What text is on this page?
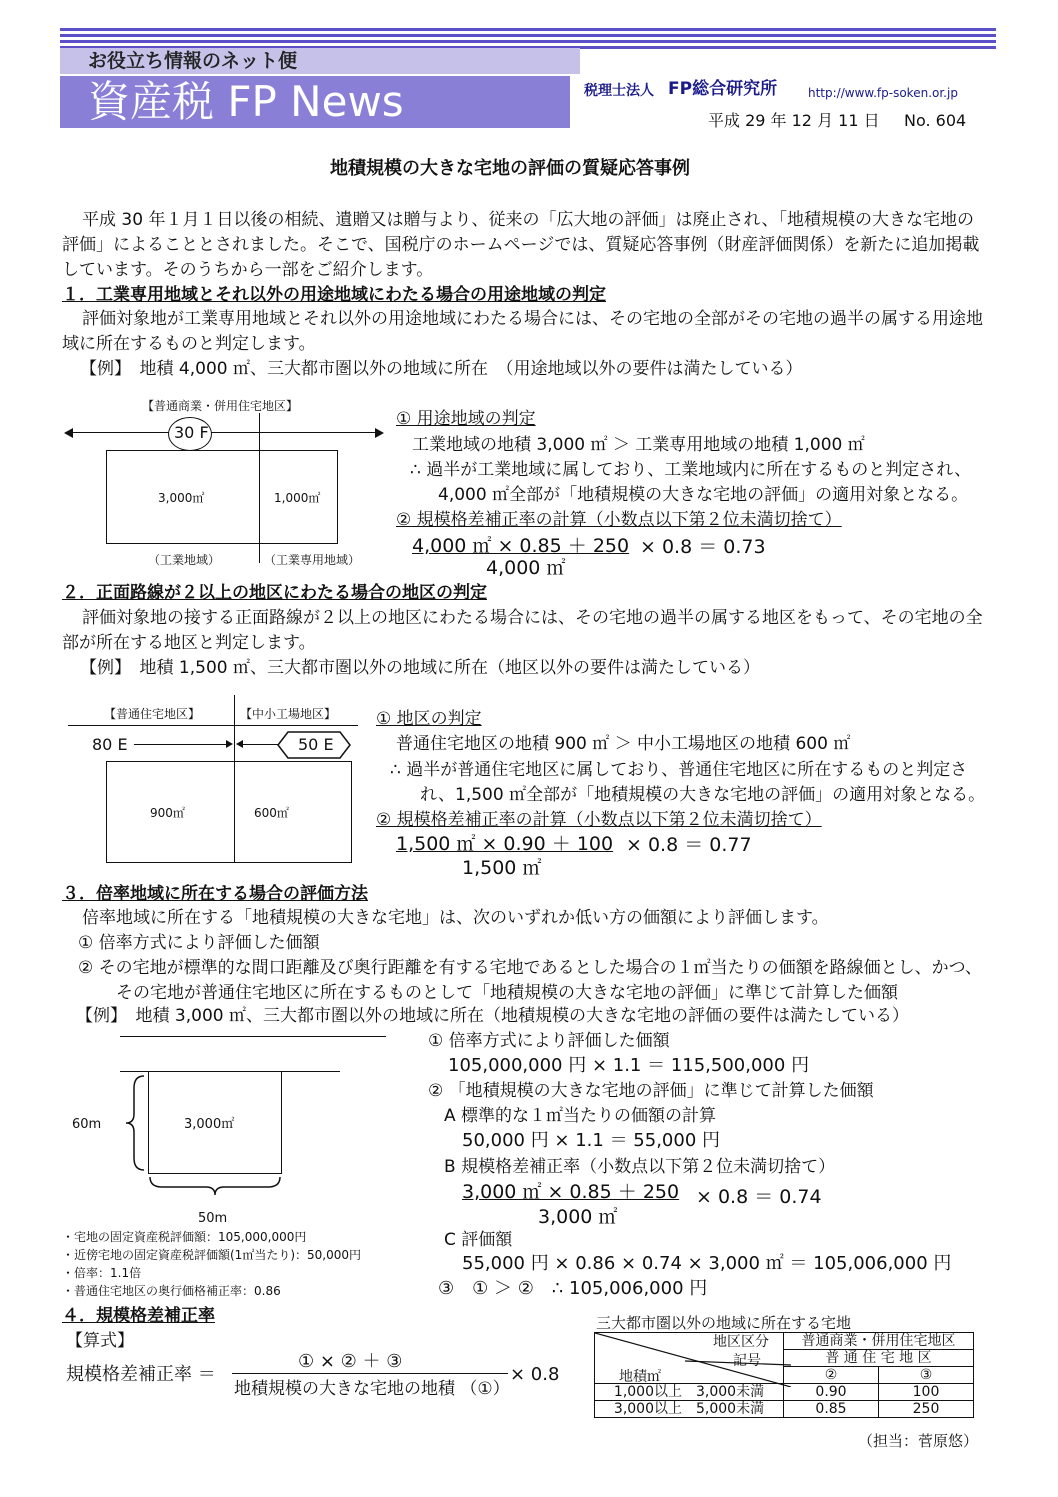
お役立ち情報のネット便
資産税 FP News	税理士法人 FP総合研究所	http://www.fp-soken.or.jp
平成 29 年 12 月 11 日 No. 604
地積規模の大きな宅地の評価の質疑応答事例
平成 30 年１月１日以後の相続、遺贈又は贈与より、従来の「広大地の評価」は廃止され、「地積規模の大きな宅地の
評価」によることとされました。そこで、国税庁のホームページでは、質疑応答事例（財産評価関係）を新たに追加掲載
しています。そのうちから一部をご紹介します。
１．工業専用地域とそれ以外の用途地域にわたる場合の用途地域の判定
評価対象地が工業専用地域とそれ以外の用途地域にわたる場合には、その宅地の全部がその宅地の過半の属する用途地
域に所在するものと判定します。
【例】　地積 4,000 ㎡、三大都市圏以外の地域に所在　（用途地域以外の要件は満たしている）
【普通商業・併用住宅地区】
30 F
3,000㎡	1,000㎡
（工業地域）	（工業専用地域）
① 用途地域の判定
工業地域の地積 3,000 ㎡ ＞ 工業専用地域の地積 1,000 ㎡
∴ 過半が工業地域に属しており、工業地域内に所在するものと判定され、
4,000 ㎡全部が「地積規模の大きな宅地の評価」の適用対象となる。
② 規模格差補正率の計算（小数点以下第２位未満切捨て）
4,000 ㎡ × 0.85 ＋ 250 × 0.8 ＝ 0.73
4,000 ㎡
２．正面路線が２以上の地区にわたる場合の地区の判定
評価対象地の接する正面路線が２以上の地区にわたる場合には、その宅地の過半の属する地区をもって、その宅地の全
部が所在する地区と判定します。
【例】　地積 1,500 ㎡、三大都市圏以外の地域に所在（地区以外の要件は満たしている）
【普通住宅地区】	【中小工場地区】
80 E	50 E
900㎡	600㎡
① 地区の判定
普通住宅地区の地積 900 ㎡ ＞ 中小工場地区の地積 600 ㎡
∴ 過半が普通住宅地区に属しており、普通住宅地区に所在するものと判定さ
れ、1,500 ㎡全部が「地積規模の大きな宅地の評価」の適用対象となる。
② 規模格差補正率の計算（小数点以下第２位未満切捨て）
1,500 ㎡ × 0.90 ＋ 100 × 0.8 ＝ 0.77
1,500 ㎡
３．倍率地域に所在する場合の評価方法
倍率地域に所在する「地積規模の大きな宅地」は、次のいずれか低い方の価額により評価します。
① 倍率方式により評価した価額
② その宅地が標準的な間口距離及び奥行距離を有する宅地であるとした場合の１㎡当たりの価額を路線価とし、かつ、
その宅地が普通住宅地区に所在するものとして「地積規模の大きな宅地の評価」に準じて計算した価額
【例】　地積 3,000 ㎡、三大都市圏以外の地域に所在（地積規模の大きな宅地の評価の要件は満たしている）
3,000㎡
60m
50m
・宅地の固定資産税評価額：105,000,000円
・近傍宅地の固定資産税評価額(1㎡当たり)：50,000円
・倍率：1.1倍
・普通住宅地区の奥行価格補正率：0.86
① 倍率方式により評価した価額
105,000,000 円 × 1.1 ＝ 115,500,000 円
② 「地積規模の大きな宅地の評価」に準じて計算した価額
A 標準的な１㎡当たりの価額の計算
50,000 円 × 1.1 ＝ 55,000 円
B 規模格差補正率（小数点以下第２位未満切捨て）
3,000 ㎡ × 0.85 ＋ 250 × 0.8 ＝ 0.74
3,000 ㎡
C 評価額
55,000 円 × 0.86 × 0.74 × 3,000 ㎡ ＝ 105,006,000 円
③　① ＞ ②　∴ 105,006,000 円
４．規模格差補正率
【算式】
規模格差補正率 ＝
① × ② ＋ ③
地積規模の大きな宅地の地積 （①）
× 0.8
三大都市圏以外の地域に所在する宅地
地区区分
記号
地積㎡	普通商業・併用住宅地区	
	普 通 住 宅 地 区	
	②	③
1,000以上　3,000未満	0.90	100
3,000以上　5,000未満	0.85	250
（担当：菅原悠）
